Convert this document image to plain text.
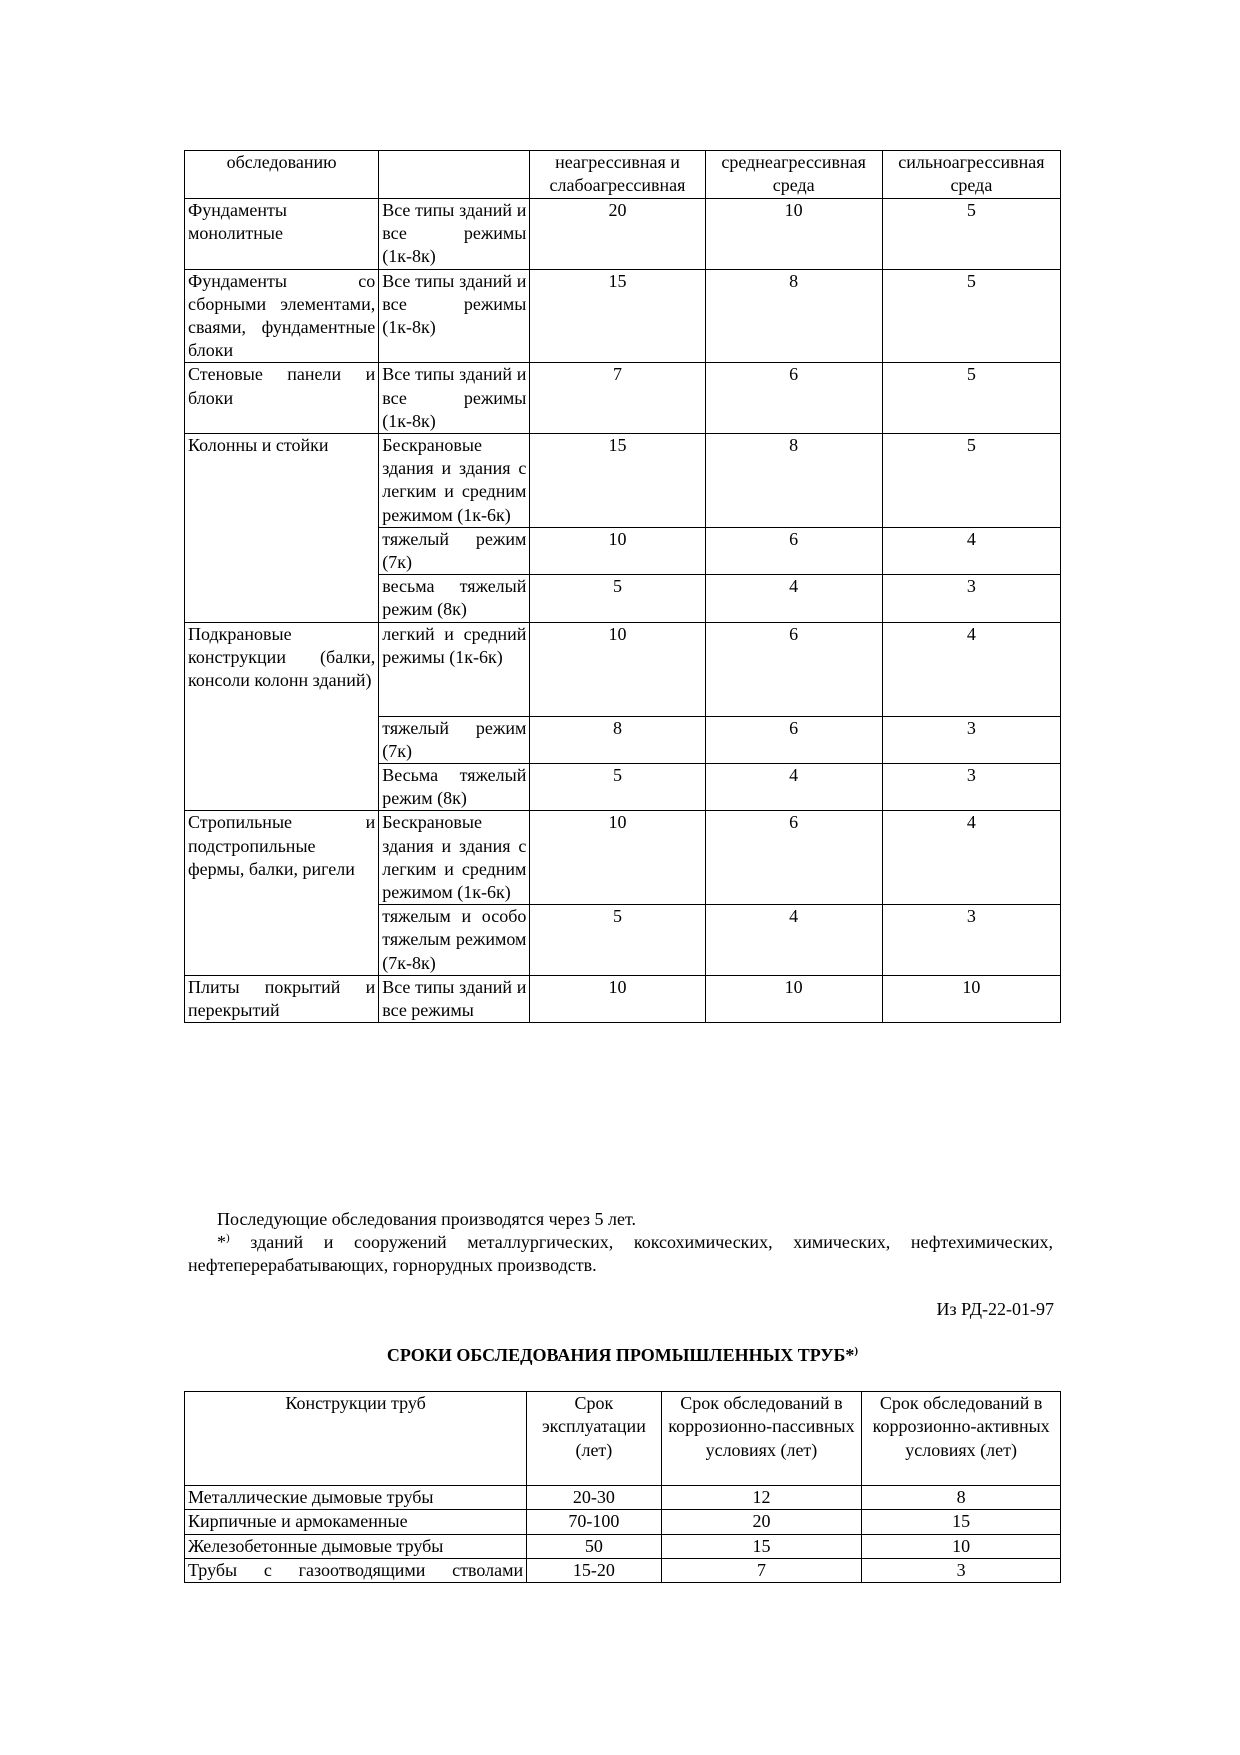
обследованию		неагрессивная и слабоагрессивная	среднеагрессивная среда	сильноагрессивная среда
Фундаменты монолитные	Все типы зданий и все режимы (1к-8к)	20	10	5
Фундаменты со сборными элементами, сваями, фундаментные блоки	Все типы зданий и все режимы (1к-8к)	15	8	5
Стеновые панели и блоки	Все типы зданий и все режимы (1к-8к)	7	6	5
Колонны и стойки	Бескрановые здания и здания с легким и средним режимом (1к-6к)	15	8	5
	тяжелый режим (7к)	10	6	4
	весьма тяжелый режим (8к)	5	4	3
Подкрановые конструкции (балки, консоли колонн зданий)	легкий и средний режимы (1к-6к)	10	6	4
	тяжелый режим (7к)	8	6	3
	Весьма тяжелый режим (8к)	5	4	3
Стропильные и подстропильные фермы, балки, ригели	Бескрановые здания и здания с легким и средним режимом (1к-6к)	10	6	4
	тяжелым и особо тяжелым режимом (7к-8к)	5	4	3
Плиты покрытий и перекрытий	Все типы зданий и все режимы	10	10	10

Последующие обследования производятся через 5 лет.

*) зданий и сооружений металлургических, коксохимических, химических, нефтехимических, нефтеперерабатывающих, горнорудных производств.

Из РД-22-01-97
СРОКИ ОБСЛЕДОВАНИЯ ПРОМЫШЛЕННЫХ ТРУБ*)
Конструкции труб	Срок эксплуатации (лет)	Срок обследований в коррозионно-пассивных условиях (лет)	Срок обследований в коррозионно-активных условиях (лет)
Металлические дымовые трубы	20-30	12	8
Кирпичные и армокаменные	70-100	20	15
Железобетонные дымовые трубы	50	15	10
Трубы с газоотводящими стволами	15-20	7	3
